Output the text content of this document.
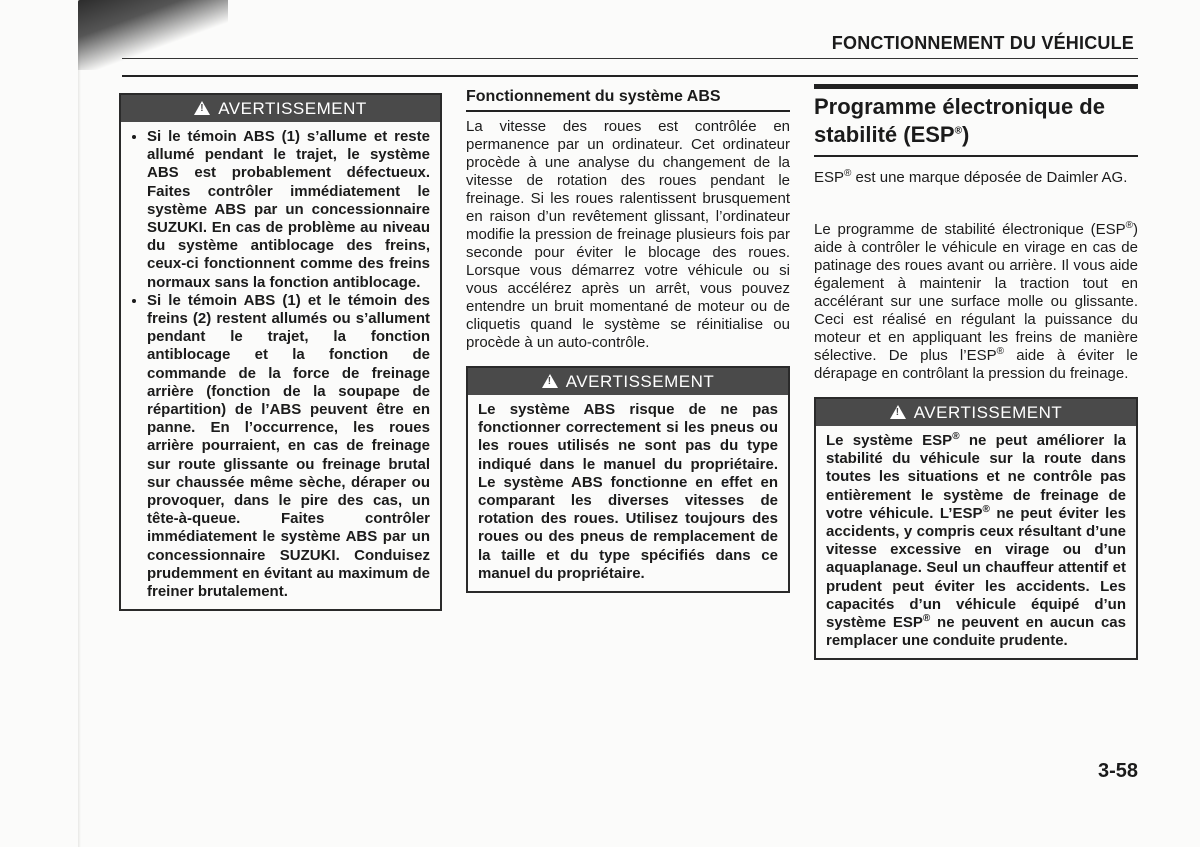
FONCTIONNEMENT DU VÉHICULE
!AVERTISSEMENT
• Si le témoin ABS (1) s’allume et reste allumé pendant le trajet, le système ABS est probablement défectueux. Faites contrôler immédiatement le système ABS par un concessionnaire SUZUKI. En cas de problème au niveau du système antiblocage des freins, ceux-ci fonctionnent comme des freins normaux sans la fonction antiblocage.
• Si le témoin ABS (1) et le témoin des freins (2) restent allumés ou s’allument pendant le trajet, la fonction antiblocage et la fonction de commande de la force de freinage arrière (fonction de la soupape de répartition) de l’ABS peuvent être en panne. En l’occurrence, les roues arrière pourraient, en cas de freinage sur route glissante ou freinage brutal sur chaussée même sèche, déraper ou provoquer, dans le pire des cas, un tête-à-queue. Faites contrôler immédiatement le système ABS par un concessionnaire SUZUKI. Conduisez prudemment en évitant au maximum de freiner brutalement.
Fonctionnement du système ABS

La vitesse des roues est contrôlée en permanence par un ordinateur. Cet ordinateur procède à une analyse du changement de la vitesse de rotation des roues pendant le freinage. Si les roues ralentissent brusquement en raison d’un revêtement glissant, l’ordinateur modifie la pression de freinage plusieurs fois par seconde pour éviter le blocage des roues. Lorsque vous démarrez votre véhicule ou si vous accélérez après un arrêt, vous pouvez entendre un bruit momentané de moteur ou de cliquetis quand le système se réinitialise ou procède à un auto-contrôle.

!AVERTISSEMENT
Le système ABS risque de ne pas fonctionner correctement si les pneus ou les roues utilisés ne sont pas du type indiqué dans le manuel du propriétaire. Le système ABS fonctionne en effet en comparant les diverses vitesses de rotation des roues. Utilisez toujours des roues ou des pneus de remplacement de la taille et du type spécifiés dans ce manuel du propriétaire.
Programme électronique de
stabilité (ESP®)

ESP® est une marque déposée de Daimler AG.

Le programme de stabilité électronique (ESP®) aide à contrôler le véhicule en virage en cas de patinage des roues avant ou arrière. Il vous aide également à maintenir la traction tout en accélérant sur une surface molle ou glissante. Ceci est réalisé en régulant la puissance du moteur et en appliquant les freins de manière sélective. De plus l’ESP® aide à éviter le dérapage en contrôlant la pression du freinage.

!AVERTISSEMENT
Le système ESP® ne peut améliorer la stabilité du véhicule sur la route dans toutes les situations et ne contrôle pas entièrement le système de freinage de votre véhicule. L’ESP® ne peut éviter les accidents, y compris ceux résultant d’une vitesse excessive en virage ou d’un aquaplanage. Seul un chauffeur attentif et prudent peut éviter les accidents. Les capacités d’un véhicule équipé d’un système ESP® ne peuvent en aucun cas remplacer une conduite prudente.
3-58
